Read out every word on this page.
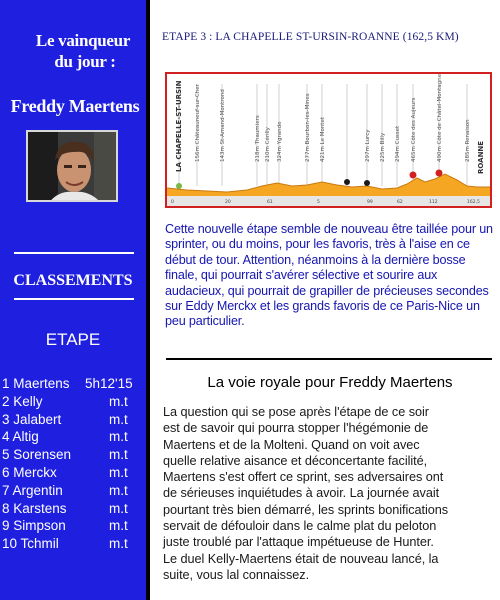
Le vainqueur
du jour :
Freddy Maertens
CLASSEMENTS
ETAPE
1 Maertens 5h12'15
2 Kelly	m.t
3 Jalabert	m.t
4 Altig	m.t
5 Sorensen	m.t
6 Merckx	m.t
7 Argentin	m.t
8 Karstens	m.t
9 Simpson	m.t
10 Tchmil	m.t
ETAPE 3 : LA CHAPELLE ST-URSIN-ROANNE (162,5 KM)
156m Châteauneuf-sur-Cher	143m St-Amand-Montrond	218m Thaumiers 210m Cérilly 324m Ygrande	277m Bourbon-les-Mines 421m Le Montet	297m Lurcy 225m Billy 294m Cusset 465m Côte des Aujeurs	490m Côte de Châtel-Montagne	285m Renaison
LA CHAPELLE-ST-URSIN	ROANNE
0	20	61	5	99	62	112	162,5
Cette nouvelle étape semble de nouveau être taillée pour un sprinter, ou du moins, pour les favoris, très à l'aise en ce début de tour. Attention, néanmoins à la dernière bosse finale, qui pourrait s'avérer sélective et sourire aux audacieux, qui pourrait de grapiller de précieuses secondes sur Eddy Merckx et les grands favoris de ce Paris-Nice un peu particulier.
La voie royale pour Freddy Maertens
La question qui se pose après l'étape de ce soir
est de savoir qui pourra stopper l'hégémonie de
Maertens et de la Molteni. Quand on voit avec
quelle relative aisance et déconcertante facilité,
Maertens s'est offert ce sprint, ses adversaires ont
de sérieuses inquiétudes à avoir. La journée avait
pourtant très bien démarré, les sprints bonifications
servait de défouloir dans le calme plat du peloton
juste troublé par l'attaque impétueuse de Hunter.
Le duel Kelly-Maertens était de nouveau lancé, la
suite, vous lal connaissez.
